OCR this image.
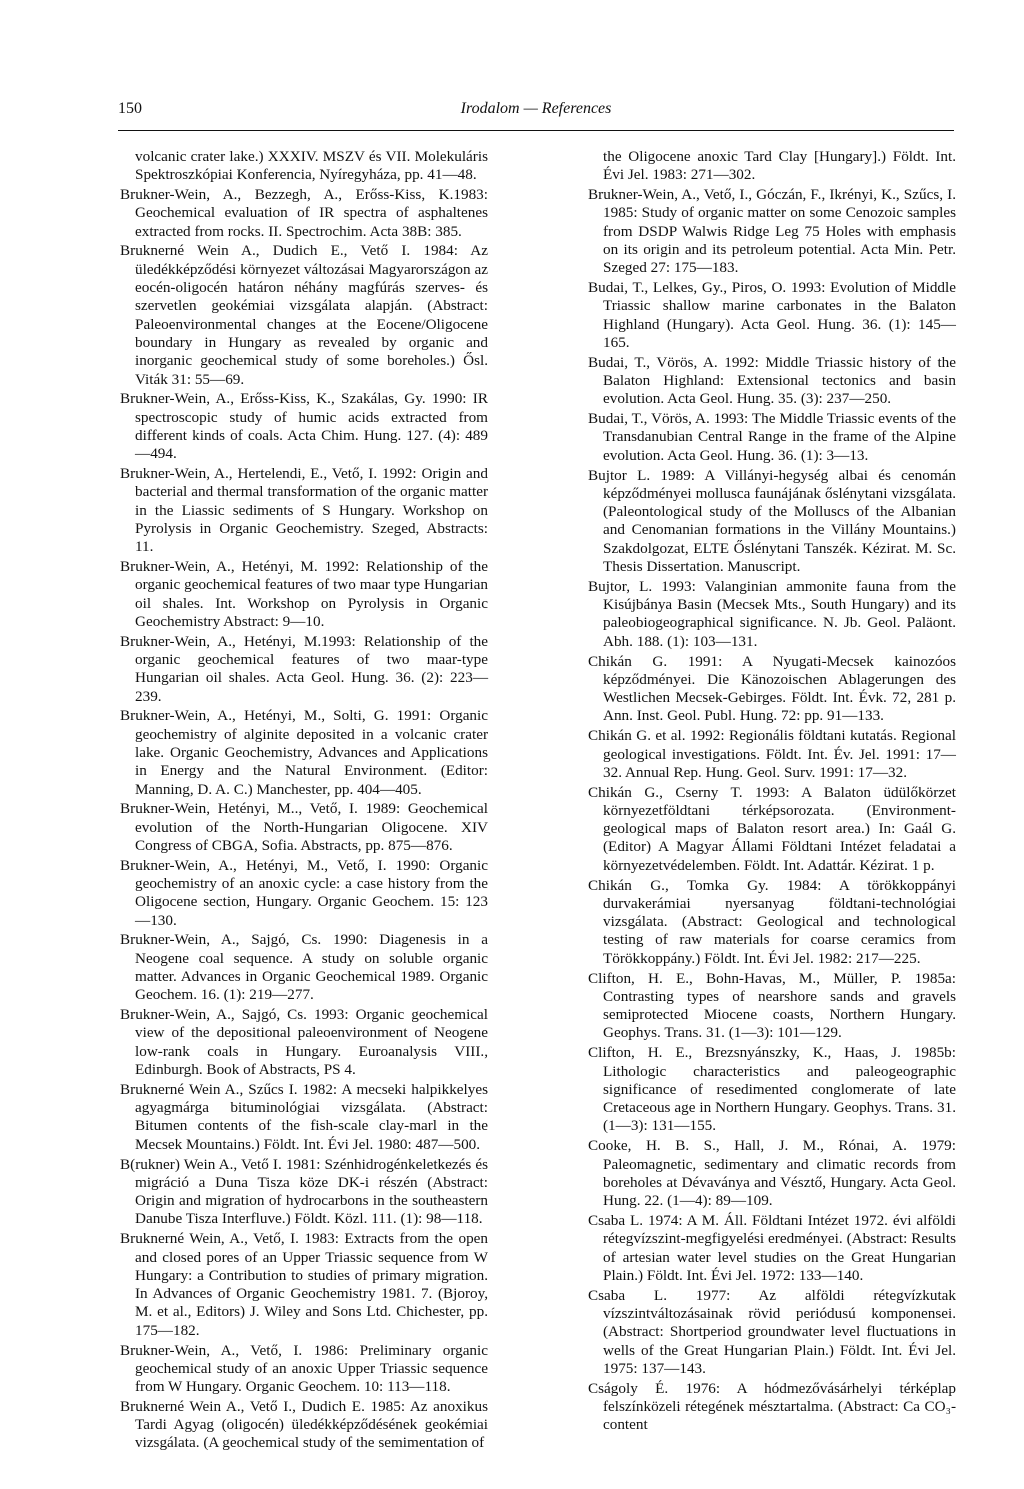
150	Irodalom — References

volcanic crater lake.) XXXIV. MSZV és VII. Molekuláris Spektroszkópiai Konferencia, Nyíregyháza, pp. 41—48.

Brukner-Wein, A., Bezzegh, A., Erőss-Kiss, K.1983: Geochemical evaluation of IR spectra of asphaltenes extracted from rocks. II. Spectrochim. Acta 38B: 385.

Bruknerné Wein A., Dudich E., Vető I. 1984: Az üledékképződési környezet változásai Magyarországon az eocén-oligocén határon néhány magfúrás szerves- és szervetlen geokémiai vizsgálata alapján. (Abstract: Paleoenvironmental changes at the Eocene/Oligocene boundary in Hungary as revealed by organic and inorganic geochemical study of some boreholes.) Ősl. Viták 31: 55—69.

Brukner-Wein, A., Erőss-Kiss, K., Szakálas, Gy. 1990: IR spectroscopic study of humic acids extracted from different kinds of coals. Acta Chim. Hung. 127. (4): 489—494.

Brukner-Wein, A., Hertelendi, E., Vető, I. 1992: Origin and bacterial and thermal transformation of the organic matter in the Liassic sediments of S Hungary. Workshop on Pyrolysis in Organic Geochemistry. Szeged, Abstracts: 11.

Brukner-Wein, A., Hetényi, M. 1992: Relationship of the organic geochemical features of two maar type Hungarian oil shales. Int. Workshop on Pyrolysis in Organic Geochemistry Abstract: 9—10.

Brukner-Wein, A., Hetényi, M.1993: Relationship of the organic geochemical features of two maar-type Hungarian oil shales. Acta Geol. Hung. 36. (2): 223—239.

Brukner-Wein, A., Hetényi, M., Solti, G. 1991: Organic geochemistry of alginite deposited in a volcanic crater lake. Organic Geochemistry, Advances and Applications in Energy and the Natural Environment. (Editor: Manning, D. A. C.) Manchester, pp. 404—405.

Brukner-Wein, Hetényi, M.., Vető, I. 1989: Geochemical evolution of the North-Hungarian Oligocene. XIV Congress of CBGA, Sofia. Abstracts, pp. 875—876.

Brukner-Wein, A., Hetényi, M., Vető, I. 1990: Organic geochemistry of an anoxic cycle: a case history from the Oligocene section, Hungary. Organic Geochem. 15: 123—130.

Brukner-Wein, A., Sajgó, Cs. 1990: Diagenesis in a Neogene coal sequence. A study on soluble organic matter. Advances in Organic Geochemical 1989. Organic Geochem. 16. (1): 219—277.

Brukner-Wein, A., Sajgó, Cs. 1993: Organic geochemical view of the depositional paleoenvironment of Neogene low-rank coals in Hungary. Euroanalysis VIII., Edinburgh. Book of Abstracts, PS 4.

Bruknerné Wein A., Szűcs I. 1982: A mecseki halpikkelyes agyagmárga bituminológiai vizsgálata. (Abstract: Bitumen contents of the fish-scale clay-marl in the Mecsek Mountains.) Földt. Int. Évi Jel. 1980: 487—500.

B(rukner) Wein A., Vető I. 1981: Szénhidrogénkeletkezés és migráció a Duna Tisza köze DK-i részén (Abstract: Origin and migration of hydrocarbons in the southeastern Danube Tisza Interfluve.) Földt. Közl. 111. (1): 98—118.

Bruknerné Wein, A., Vető, I. 1983: Extracts from the open and closed pores of an Upper Triassic sequence from W Hungary: a Contribution to studies of primary migration. In Advances of Organic Geochemistry 1981. 7. (Bjoroy, M. et al., Editors) J. Wiley and Sons Ltd. Chichester, pp. 175—182.

Brukner-Wein, A., Vető, I. 1986: Preliminary organic geochemical study of an anoxic Upper Triassic sequence from W Hungary. Organic Geochem. 10: 113—118.

Bruknerné Wein A., Vető I., Dudich E. 1985: Az anoxikus Tardi Agyag (oligocén) üledékképződésének geokémiai vizsgálata. (A geochemical study of the semimentation of

the Oligocene anoxic Tard Clay [Hungary].) Földt. Int. Évi Jel. 1983: 271—302.

Brukner-Wein, A., Vető, I., Góczán, F., Ikrényi, K., Szűcs, I. 1985: Study of organic matter on some Cenozoic samples from DSDP Walwis Ridge Leg 75 Holes with emphasis on its origin and its petroleum potential. Acta Min. Petr. Szeged 27: 175—183.

Budai, T., Lelkes, Gy., Piros, O. 1993: Evolution of Middle Triassic shallow marine carbonates in the Balaton Highland (Hungary). Acta Geol. Hung. 36. (1): 145—165.

Budai, T., Vörös, A. 1992: Middle Triassic history of the Balaton Highland: Extensional tectonics and basin evolution. Acta Geol. Hung. 35. (3): 237—250.

Budai, T., Vörös, A. 1993: The Middle Triassic events of the Transdanubian Central Range in the frame of the Alpine evolution. Acta Geol. Hung. 36. (1): 3—13.

Bujtor L. 1989: A Villányi-hegység albai és cenomán képződményei mollusca faunájának őslénytani vizsgálata. (Paleontological study of the Molluscs of the Albanian and Cenomanian formations in the Villány Mountains.) Szakdolgozat, ELTE Őslénytani Tanszék. Kézirat. M. Sc. Thesis Dissertation. Manuscript.

Bujtor, L. 1993: Valanginian ammonite fauna from the Kisújbánya Basin (Mecsek Mts., South Hungary) and its paleobiogeographical significance. N. Jb. Geol. Paläont. Abh. 188. (1): 103—131.

Chikán G. 1991: A Nyugati-Mecsek kainozóos képződményei. Die Känozoischen Ablagerungen des Westlichen Mecsek-Gebirges. Földt. Int. Évk. 72, 281 p. Ann. Inst. Geol. Publ. Hung. 72: pp. 91—133.

Chikán G. et al. 1992: Regionális földtani kutatás. Regional geological investigations. Földt. Int. Év. Jel. 1991: 17—32. Annual Rep. Hung. Geol. Surv. 1991: 17—32.

Chikán G., Cserny T. 1993: A Balaton üdülőkörzet környezetföldtani térképsorozata. (Environment-geological maps of Balaton resort area.) In: Gaál G. (Editor) A Magyar Állami Földtani Intézet feladatai a környezetvédelemben. Földt. Int. Adattár. Kézirat. 1 p.

Chikán G., Tomka Gy. 1984: A törökkoppányi durvakerámiai nyersanyag földtani-technológiai vizsgálata. (Abstract: Geological and technological testing of raw materials for coarse ceramics from Törökkoppány.) Földt. Int. Évi Jel. 1982: 217—225.

Clifton, H. E., Bohn-Havas, M., Müller, P. 1985a: Contrasting types of nearshore sands and gravels semiprotected Miocene coasts, Northern Hungary. Geophys. Trans. 31. (1—3): 101—129.

Clifton, H. E., Brezsnyánszky, K., Haas, J. 1985b: Lithologic characteristics and paleogeographic significance of resedimented conglomerate of late Cretaceous age in Northern Hungary. Geophys. Trans. 31. (1—3): 131—155.

Cooke, H. B. S., Hall, J. M., Rónai, A. 1979: Paleomagnetic, sedimentary and climatic records from boreholes at Dévaványa and Vésztő, Hungary. Acta Geol. Hung. 22. (1—4): 89—109.

Csaba L. 1974: A M. Áll. Földtani Intézet 1972. évi alföldi rétegvízszint-megfigyelési eredményei. (Abstract: Results of artesian water level studies on the Great Hungarian Plain.) Földt. Int. Évi Jel. 1972: 133—140.

Csaba L. 1977: Az alföldi rétegvízkutak vízszintváltozásainak rövid periódusú komponensei. (Abstract: Shortperiod groundwater level fluctuations in wells of the Great Hungarian Plain.) Földt. Int. Évi Jel. 1975: 137—143.

Cságoly É. 1976: A hódmezővásárhelyi térképlap felszínközeli rétegének mésztartalma. (Abstract: Ca CO₃-content
